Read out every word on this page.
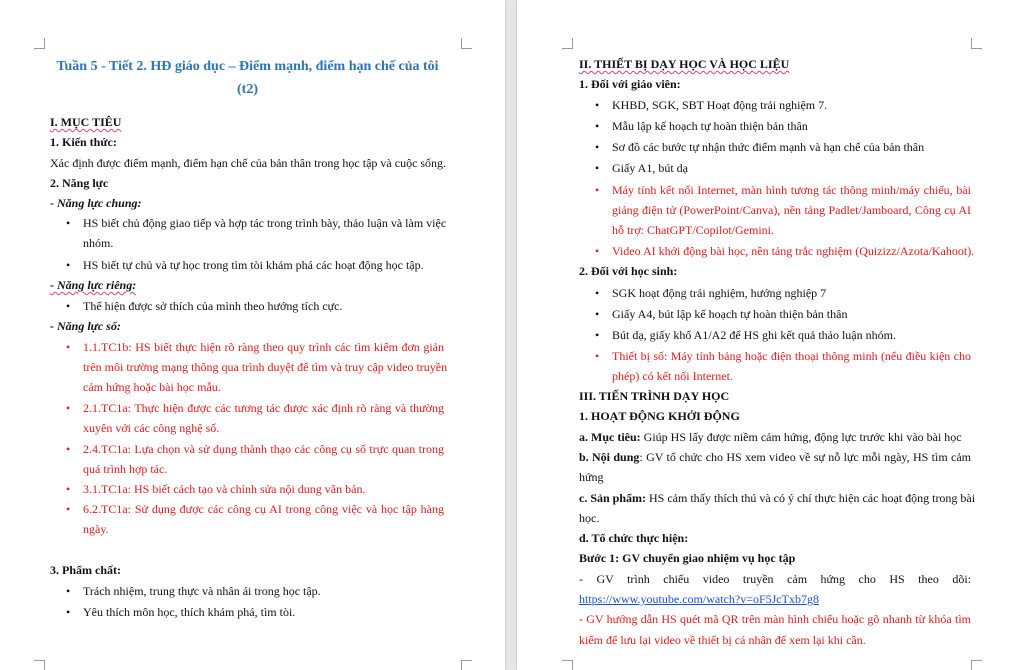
Tuần 5 - Tiết 2. HĐ giáo dục – Điểm mạnh, điểm hạn chế của tôi
(t2)
I. MỤC TIÊU
1. Kiến thức:
Xác định được điểm mạnh, điểm hạn chế của bản thân trong học tập và cuộc sống.
2. Năng lực
- Năng lực chung:
• HS biết chủ động giao tiếp và hợp tác trong trình bày, thảo luận và làm việc
nhóm.
• HS biết tự chủ và tự học trong tìm tòi khám phá các hoạt động học tập.
- Năng lực riêng:
• Thể hiện được sở thích của mình theo hướng tích cực.
- Năng lực số:
• 1.1.TC1b: HS biết thực hiện rõ ràng theo quy trình các tìm kiếm đơn giản
trên môi trường mạng thông qua trình duyệt để tìm và truy cập video truyền
cảm hứng hoặc bài học mẫu.
• 2.1.TC1a: Thực hiện được các tương tác được xác định rõ ràng và thường
xuyên với các công nghệ số.
• 2.4.TC1a: Lựa chọn và sử dụng thành thạo các công cụ số trực quan trong
quá trình hợp tác.
• 3.1.TC1a: HS biết cách tạo và chỉnh sửa nội dung văn bản.
• 6.2.TC1a: Sử dụng được các công cụ AI trong công việc và học tập hàng
ngày.
3. Phẩm chất:
• Trách nhiệm, trung thực và nhân ái trong học tập.
• Yêu thích môn học, thích khám phá, tìm tòi.
II. THIẾT BỊ DẠY HỌC VÀ HỌC LIỆU
1. Đối với giáo viên:
• KHBD, SGK, SBT Hoạt động trải nghiệm 7.
• Mẫu lập kế hoạch tự hoàn thiện bản thân
• Sơ đồ các bước tự nhận thức điểm mạnh và hạn chế của bản thân
• Giấy A1, bút dạ
• Máy tính kết nối Internet, màn hình tương tác thông minh/máy chiếu, bài
giảng điện tử (PowerPoint/Canva), nền tảng Padlet/Jamboard, Công cụ AI
hỗ trợ: ChatGPT/Copilot/Gemini.
• Video AI khởi động bài học, nền tảng trắc nghiệm (Quizizz/Azota/Kahoot).
2. Đối với học sinh:
• SGK hoạt động trải nghiệm, hướng nghiệp 7
• Giấy A4, bút lập kế hoạch tự hoàn thiện bản thân
• Bút dạ, giấy khổ A1/A2 để HS ghi kết quả thảo luận nhóm.
• Thiết bị số: Máy tính bảng hoặc điện thoại thông minh (nếu điều kiện cho
phép) có kết nối Internet.
III. TIẾN TRÌNH DẠY HỌC
1. HOẠT ĐỘNG KHỞI ĐỘNG
a. Mục tiêu: Giúp HS lấy được niềm cảm hứng, động lực trước khi vào bài học
b. Nội dung: GV tổ chức cho HS xem video về sự nỗ lực mỗi ngày, HS tìm cảm
hứng
c. Sản phẩm: HS cảm thấy thích thú và có ý chí thực hiện các hoạt động trong bài
học.
d. Tổ chức thực hiện:
Bước 1: GV chuyển giao nhiệm vụ học tập
- GV trình chiếu video truyền cảm hứng cho HS theo dõi:
https://www.youtube.com/watch?v=oF5JcTxb7g8
- GV hướng dẫn HS quét mã QR trên màn hình chiếu hoặc gõ nhanh từ khóa tìm
kiếm để lưu lại video về thiết bị cá nhân để xem lại khi cần.
